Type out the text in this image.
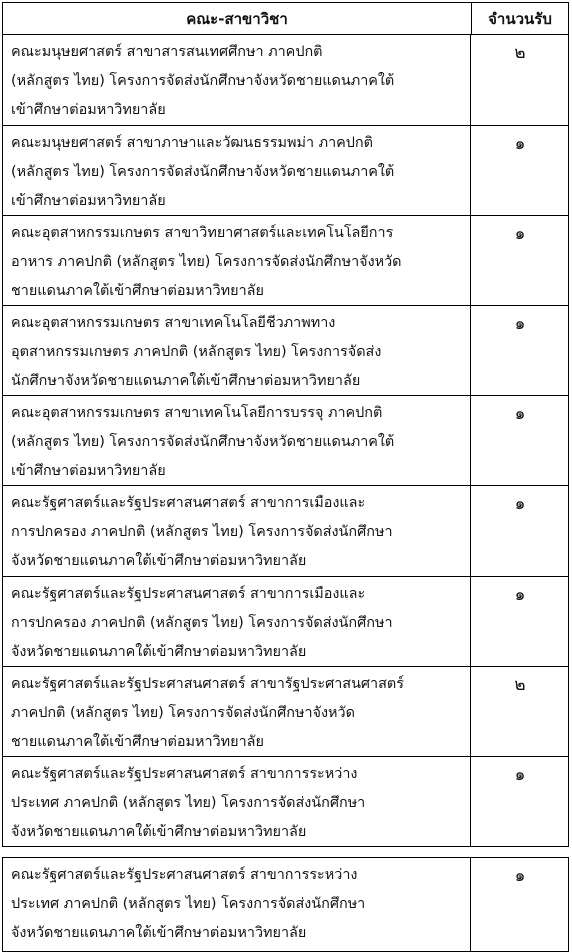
คณะ-สาขาวิชา	จำนวนรับ
คณะมนุษยศาสตร์ สาขาสารสนเทศศึกษา ภาคปกติ
(หลักสูตร ไทย) โครงการจัดส่งนักศึกษาจังหวัดชายแดนภาคใต้
เข้าศึกษาต่อมหาวิทยาลัย
๒
คณะมนุษยศาสตร์ สาขาภาษาและวัฒนธรรมพม่า ภาคปกติ
(หลักสูตร ไทย) โครงการจัดส่งนักศึกษาจังหวัดชายแดนภาคใต้
เข้าศึกษาต่อมหาวิทยาลัย
๑
คณะอุตสาหกรรมเกษตร สาขาวิทยาศาสตร์และเทคโนโลยีการ
อาหาร ภาคปกติ (หลักสูตร ไทย) โครงการจัดส่งนักศึกษาจังหวัด
ชายแดนภาคใต้เข้าศึกษาต่อมหาวิทยาลัย
๑
คณะอุตสาหกรรมเกษตร สาขาเทคโนโลยีชีวภาพทาง
อุตสาหกรรมเกษตร ภาคปกติ (หลักสูตร ไทย) โครงการจัดส่ง
นักศึกษาจังหวัดชายแดนภาคใต้เข้าศึกษาต่อมหาวิทยาลัย
๑
คณะอุตสาหกรรมเกษตร สาขาเทคโนโลยีการบรรจุ ภาคปกติ
(หลักสูตร ไทย) โครงการจัดส่งนักศึกษาจังหวัดชายแดนภาคใต้
เข้าศึกษาต่อมหาวิทยาลัย
๑
คณะรัฐศาสตร์และรัฐประศาสนศาสตร์ สาขาการเมืองและ
การปกครอง ภาคปกติ (หลักสูตร ไทย) โครงการจัดส่งนักศึกษา
จังหวัดชายแดนภาคใต้เข้าศึกษาต่อมหาวิทยาลัย
๑
คณะรัฐศาสตร์และรัฐประศาสนศาสตร์ สาขาการเมืองและ
การปกครอง ภาคปกติ (หลักสูตร ไทย) โครงการจัดส่งนักศึกษา
จังหวัดชายแดนภาคใต้เข้าศึกษาต่อมหาวิทยาลัย
๑
คณะรัฐศาสตร์และรัฐประศาสนศาสตร์ สาขารัฐประศาสนศาสตร์
ภาคปกติ (หลักสูตร ไทย) โครงการจัดส่งนักศึกษาจังหวัด
ชายแดนภาคใต้เข้าศึกษาต่อมหาวิทยาลัย
๒
คณะรัฐศาสตร์และรัฐประศาสนศาสตร์ สาขาการระหว่าง
ประเทศ ภาคปกติ (หลักสูตร ไทย) โครงการจัดส่งนักศึกษา
จังหวัดชายแดนภาคใต้เข้าศึกษาต่อมหาวิทยาลัย
๑
คณะรัฐศาสตร์และรัฐประศาสนศาสตร์ สาขาการระหว่าง
ประเทศ ภาคปกติ (หลักสูตร ไทย) โครงการจัดส่งนักศึกษา
จังหวัดชายแดนภาคใต้เข้าศึกษาต่อมหาวิทยาลัย
๑
